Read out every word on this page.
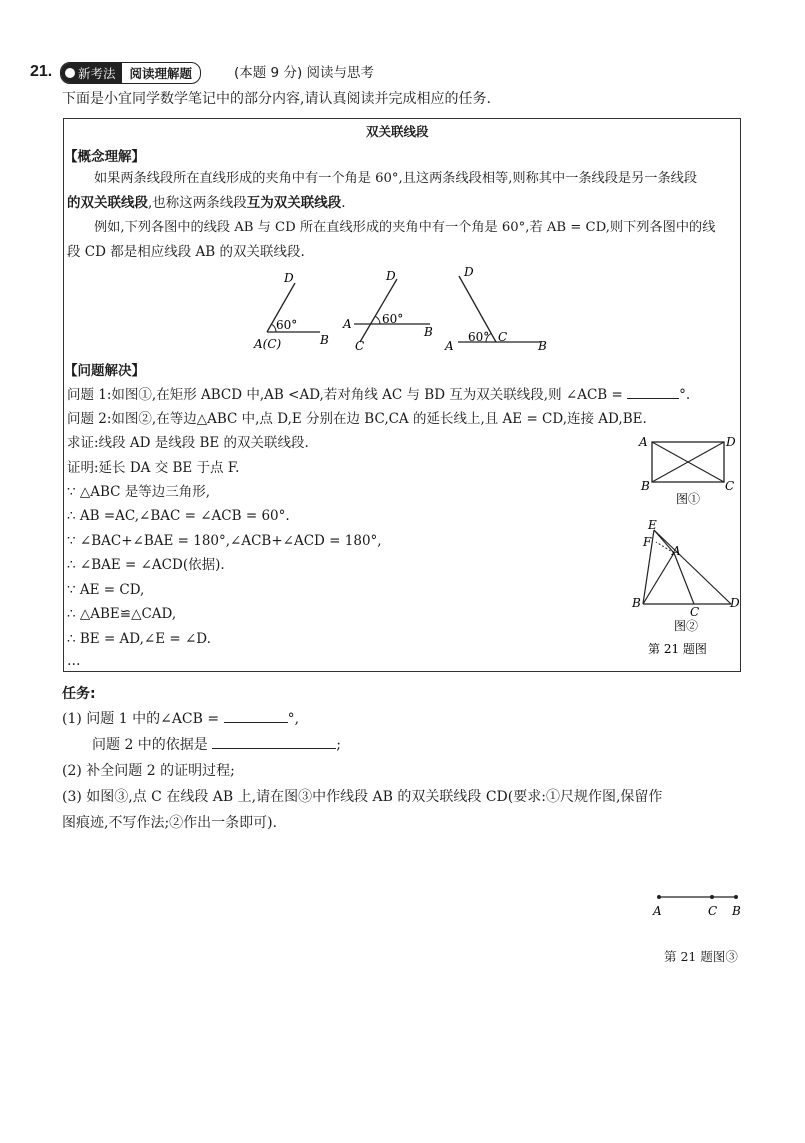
21. 新考法	阅读理解题	(本题 9 分) 阅读与思考
下面是小宜同学数学笔记中的部分内容,请认真阅读并完成相应的任务.
双关联线段
【概念理解】
如果两条线段所在直线形成的夹角中有一个角是 60°,且这两条线段相等,则称其中一条线段是另一条线段
的双关联线段,也称这两条线段互为双关联线段.
例如,下列各图中的线段 AB 与 CD 所在直线形成的夹角中有一个角是 60°,若 AB = CD,则下列各图中的线
段 CD 都是相应线段 AB 的双关联线段.
D
60°
A(C)	B
D
60°
A
B
C
D
60° C
A	B
【问题解决】
问题 1:如图①,在矩形 ABCD 中,AB <AD,若对角线 AC 与 BD 互为双关联线段,则 ∠ACB =	°.
问题 2:如图②,在等边△ABC 中,点 D,E 分别在边 BC,CA 的延长线上,且 AE = CD,连接 AD,BE.
求证:线段 AD 是线段 BE 的双关联线段.
证明:延长 DA 交 BE 于点 F.
∵ △ABC 是等边三角形,
∴ AB =AC,∠BAC = ∠ACB = 60°.
∵ ∠BAC+∠BAE = 180°,∠ACB+∠ACD = 180°,
∴ ∠BAE = ∠ACD(依据).
∵ AE = CD,
∴ △ABE≌△CAD,
∴ BE = AD,∠E = ∠D.
…
A	D
B	C
图①
E
F
A
B
C
D
图②
第 21 题图
任务:
(1) 问题 1 中的∠ACB =	°,
问题 2 中的依据是	;
(2) 补全问题 2 的证明过程;
(3) 如图③,点 C 在线段 AB 上,请在图③中作线段 AB 的双关联线段 CD(要求:①尺规作图,保留作
图痕迹,不写作法;②作出一条即可).
A	C B
第 21 题图③
